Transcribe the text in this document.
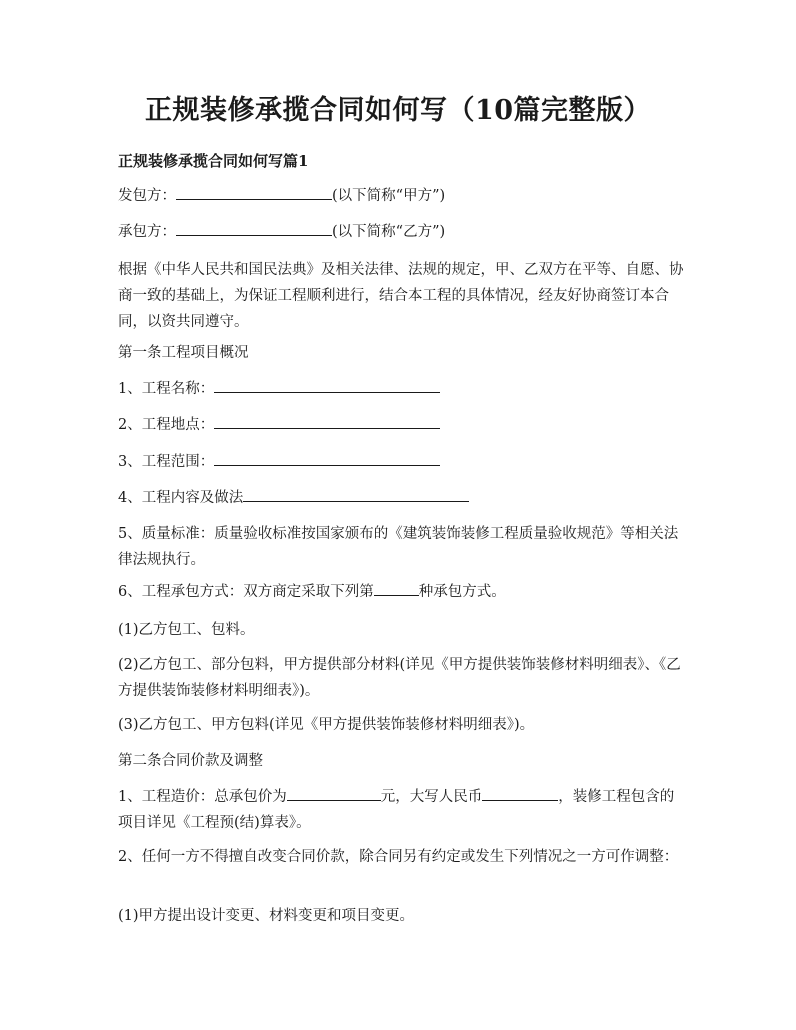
正规装修承揽合同如何写（10篇完整版）
正规装修承揽合同如何写篇1

发包方：	(以下简称“甲方”)

承包方：	(以下简称“乙方”)

根据《中华人民共和国民法典》及相关法律、法规的规定，甲、乙双方在平等、自愿、协商一致的基础上，为保证工程顺利进行，结合本工程的具体情况，经友好协商签订本合同，以资共同遵守。

第一条工程项目概况

1、工程名称：

2、工程地点：

3、工程范围：

4、工程内容及做法

5、质量标准：质量验收标准按国家颁布的《建筑装饰装修工程质量验收规范》等相关法律法规执行。

6、工程承包方式：双方商定采取下列第	种承包方式。

(1)乙方包工、包料。

(2)乙方包工、部分包料，甲方提供部分材料(详见《甲方提供装饰装修材料明细表》、《乙方提供装饰装修材料明细表》)。

(3)乙方包工、甲方包料(详见《甲方提供装饰装修材料明细表》)。

第二条合同价款及调整

1、工程造价：总承包价为	元，大写人民币	，装修工程包含的项目详见《工程预(结)算表》。

2、任何一方不得擅自改变合同价款，除合同另有约定或发生下列情况之一方可作调整：

(1)甲方提出设计变更、材料变更和项目变更。
